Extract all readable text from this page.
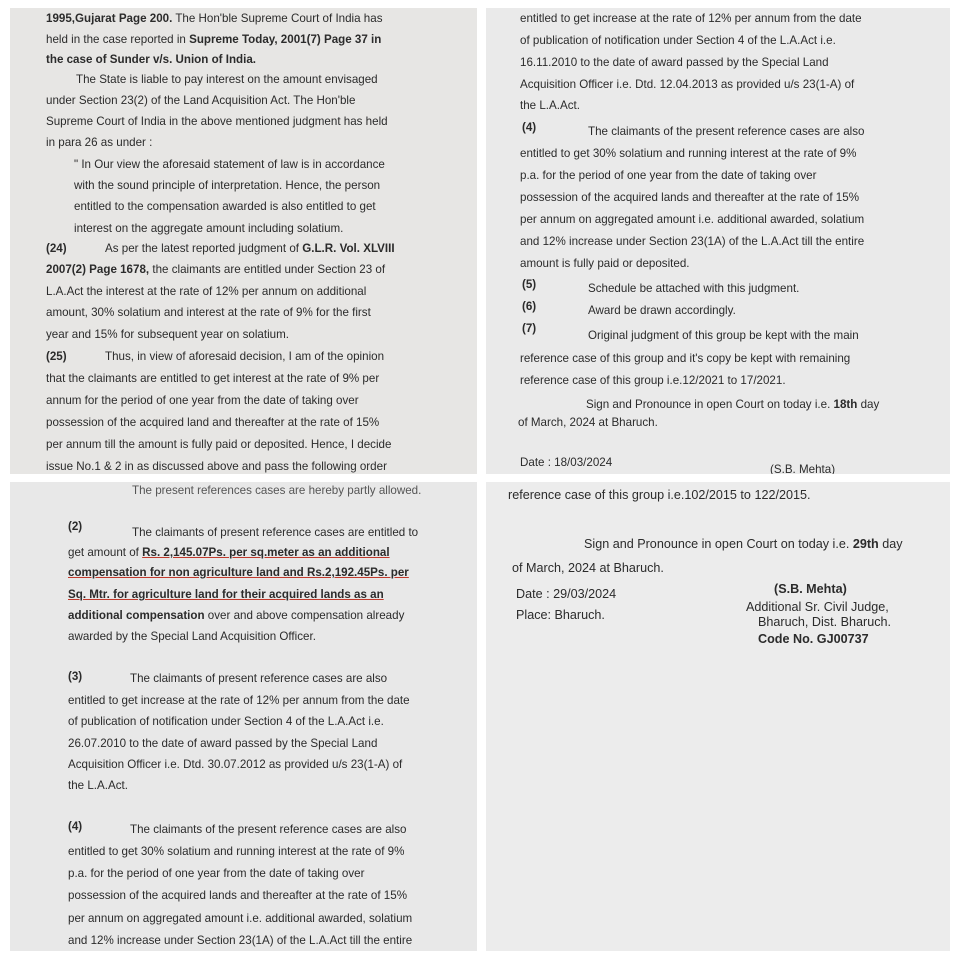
1995,Gujarat Page 200. The Hon'ble Supreme Court of India has
held in the case reported in Supreme Today, 2001(7) Page 37 in
the case of Sunder v/s. Union of India.
The State is liable to pay interest on the amount envisaged
under Section 23(2) of the Land Acquisition Act. The Hon'ble
Supreme Court of India in the above mentioned judgment has held
in para 26 as under :
" In Our view the aforesaid statement of law is in accordance
with the sound principle of interpretation. Hence, the person
entitled to the compensation awarded is also entitled to get
interest on the aggregate amount including solatium.
(24)	As per the latest reported judgment of G.L.R. Vol. XLVIII
2007(2) Page 1678, the claimants are entitled under Section 23 of
L.A.Act the interest at the rate of 12% per annum on additional
amount, 30% solatium and interest at the rate of 9% for the first
year and 15% for subsequent year on solatium.
(25)	Thus, in view of aforesaid decision, I am of the opinion
that the claimants are entitled to get interest at the rate of 9% per
annum for the period of one year from the date of taking over
possession of the acquired land and thereafter at the rate of 15%
per annum till the amount is fully paid or deposited. Hence, I decide
issue No.1 & 2 in as discussed above and pass the following order
entitled to get increase at the rate of 12% per annum from the date
of publication of notification under Section 4 of the L.A.Act i.e.
16.11.2010 to the date of award passed by the Special Land
Acquisition Officer i.e. Dtd. 12.04.2013 as provided u/s 23(1-A) of
the L.A.Act.
(4)	The claimants of the present reference cases are also
entitled to get 30% solatium and running interest at the rate of 9%
p.a. for the period of one year from the date of taking over
possession of the acquired lands and thereafter at the rate of 15%
per annum on aggregated amount i.e. additional awarded, solatium
and 12% increase under Section 23(1A) of the L.A.Act till the entire
amount is fully paid or deposited.
(5)	Schedule be attached with this judgment.
(6)	Award be drawn accordingly.
(7)
Original judgment of this group be kept with the main
reference case of this group and it's copy be kept with remaining
reference case of this group i.e.12/2021 to 17/2021.
Sign and Pronounce in open Court on today i.e. 18th day
of March, 2024 at Bharuch.
Date : 18/03/2024
(S.B. Mehta)
The present references cases are hereby partly allowed.
(2)	The claimants of present reference cases are entitled to
get amount of Rs. 2,145.07Ps. per sq.meter as an additional
compensation for non agriculture land and Rs.2,192.45Ps. per
Sq. Mtr. for agriculture land for their acquired lands as an
additional compensation over and above compensation already
awarded by the Special Land Acquisition Officer.
(3)	The claimants of present reference cases are also
entitled to get increase at the rate of 12% per annum from the date
of publication of notification under Section 4 of the L.A.Act i.e.
26.07.2010 to the date of award passed by the Special Land
Acquisition Officer i.e. Dtd. 30.07.2012 as provided u/s 23(1-A) of
the L.A.Act.
(4)	The claimants of the present reference cases are also
entitled to get 30% solatium and running interest at the rate of 9%
p.a. for the period of one year from the date of taking over
possession of the acquired lands and thereafter at the rate of 15%
per annum on aggregated amount i.e. additional awarded, solatium
and 12% increase under Section 23(1A) of the L.A.Act till the entire
reference case of this group i.e.102/2015 to 122/2015.
Sign and Pronounce in open Court on today i.e. 29th day
of March, 2024 at Bharuch.
Date : 29/03/2024	(S.B. Mehta)
Place: Bharuch.
Additional Sr. Civil Judge,
Bharuch, Dist. Bharuch.
Code No. GJ00737
